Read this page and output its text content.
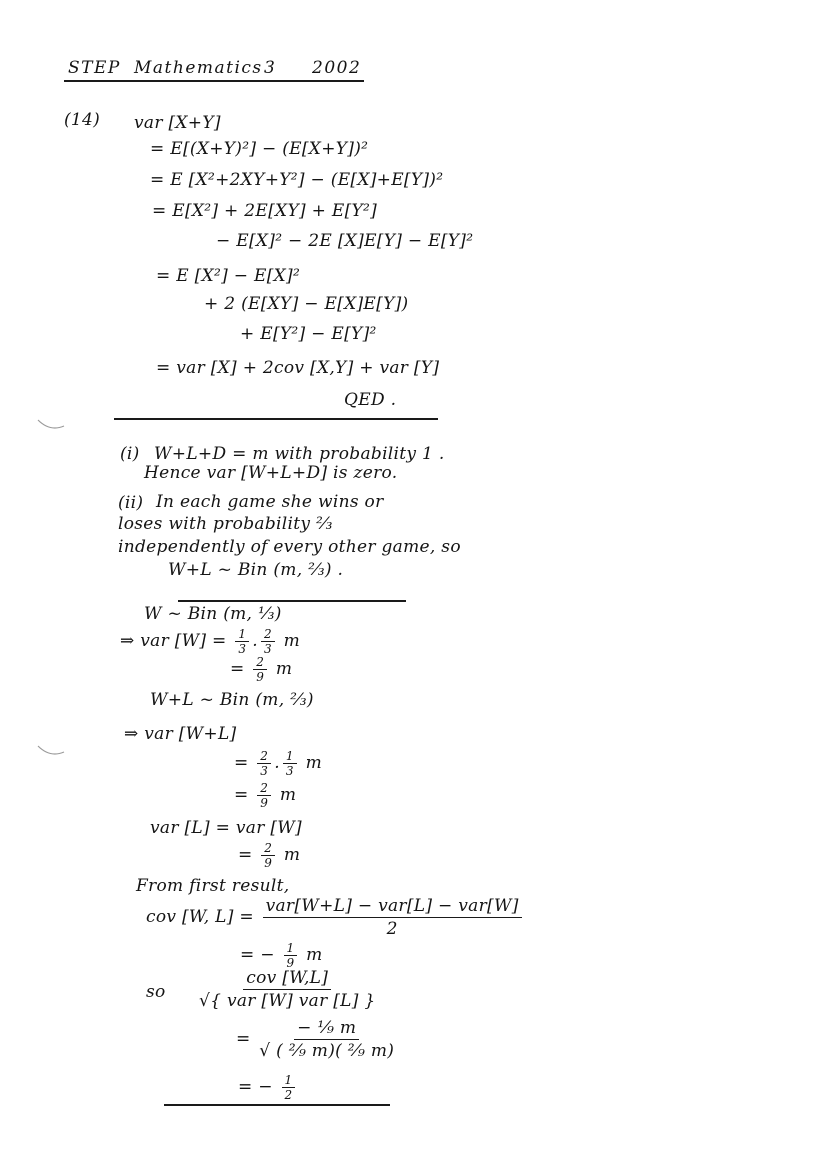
STEP Mathematics 3 2002
(14) var [X+Y]
= E[(X+Y)²] − (E[X+Y])²
= E [X²+2XY+Y²] − (E[X]+E[Y])²
= E[X²] + 2E[XY] + E[Y²]
− E[X]² − 2E [X]E[Y] − E[Y]²
= E [X²] − E[X]²
+ 2 (E[XY] − E[X]E[Y])
+ E[Y²] − E[Y]²
= var [X] + 2cov [X,Y] + var [Y]
QED .
(i) W+L+D = m with probability 1 .
Hence var [W+L+D] is zero.
(ii) In each game she wins or
loses with probability ⅔
independently of every other game, so
W+L ~ Bin (m, ⅔) .
W ~ Bin (m, ⅓)
⇒ var $[W] = \frac{1}{3}$ . $\frac{2}{3}$ m
= $\frac{2}{9}$ m
W+L ~ Bin (m, ⅔)
⇒ var [W+L]
= $\frac{2}{3}$ . $\frac{1}{3}$ m
= $\frac{2}{9}$ m
var [L] = var [W]
= $\frac{2}{9}$ m
From first result,
cov [W, $L] = \frac{\text{var[W+L] − var[L] − var[W]}}{2}$
= − $\frac{1}{9}$ m
so $\frac{\text{cov [W,L]}}{\text{√\{ var [W] var [L] \}}}$
= $\frac{\text{− ⅑ m}}{\text{√ ( ²⁄₉ m)( ²⁄₉ m)}}$
= − $\frac{1}{2}$
